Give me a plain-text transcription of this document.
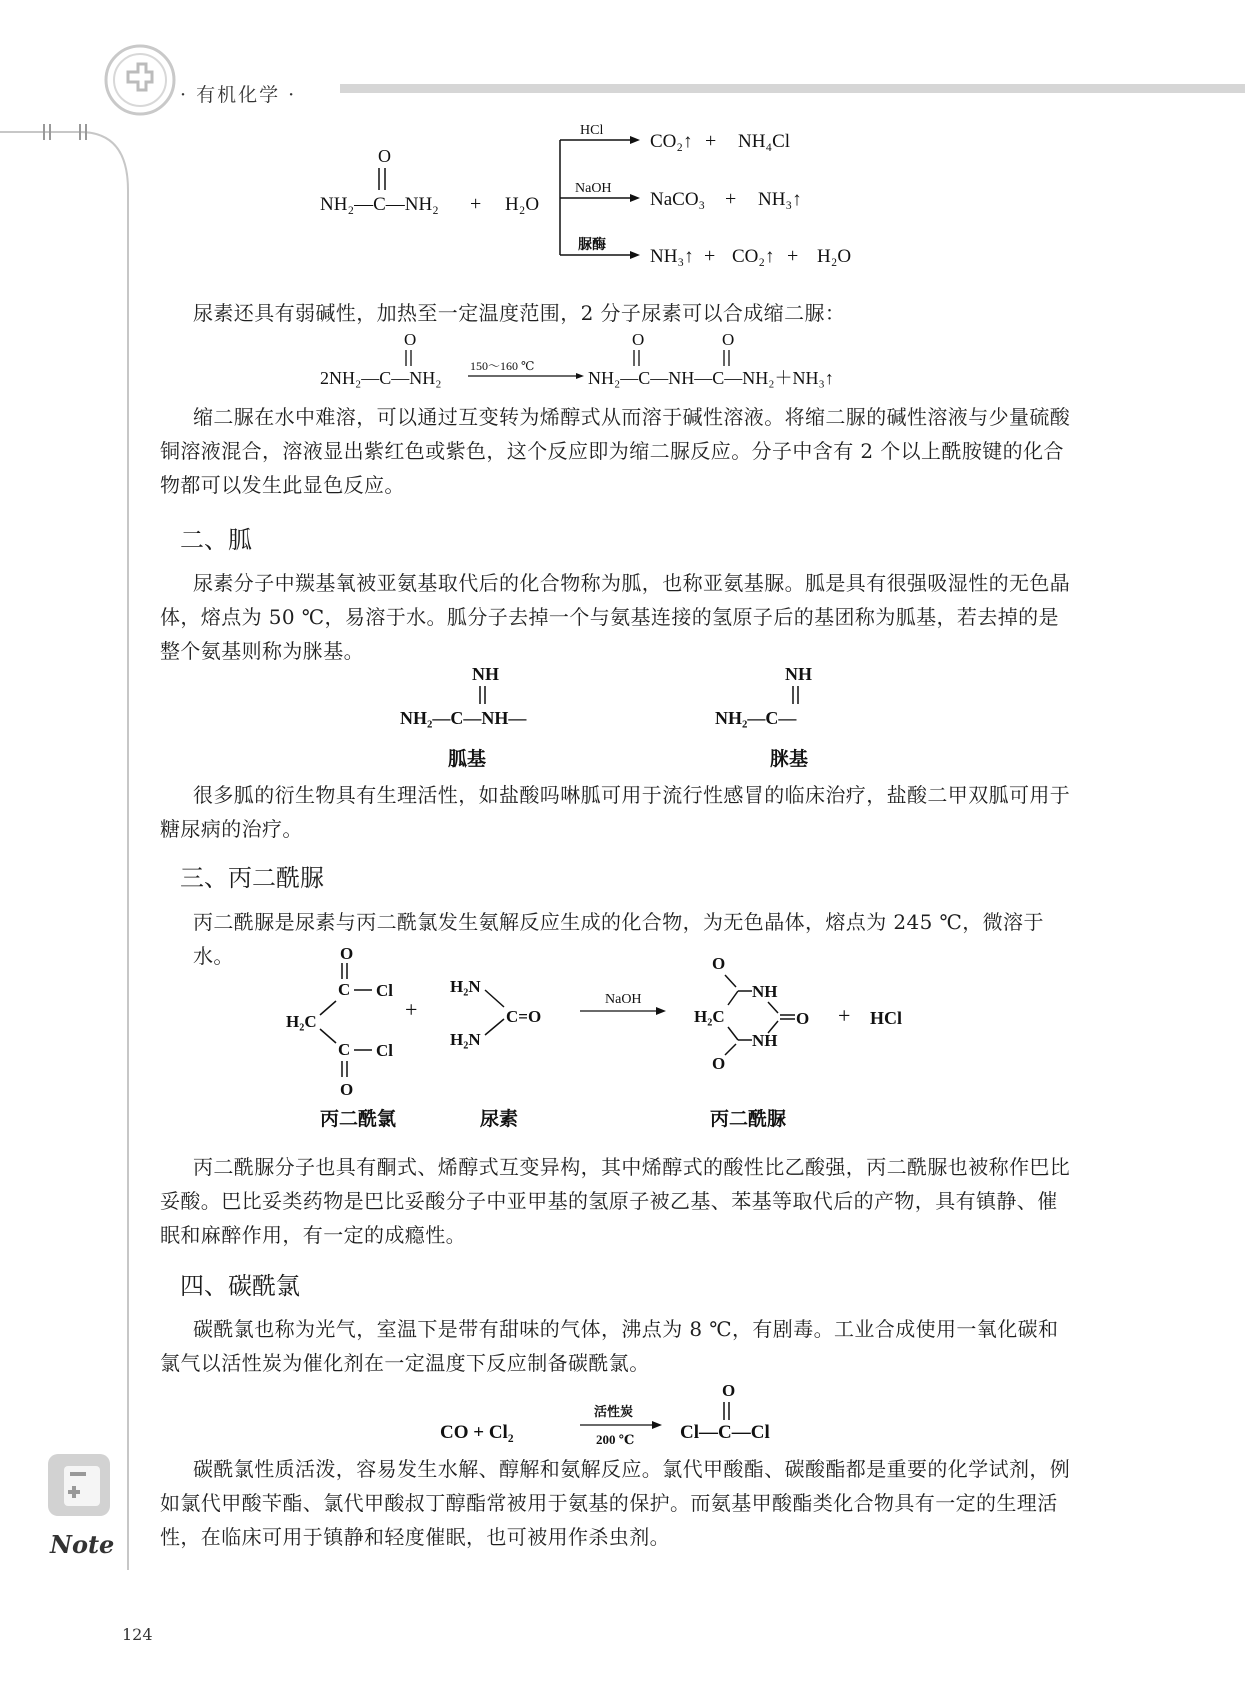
· 有机化学 ·
O
NH₂—C—NH₂ + H₂O
HCl
NaOH
脲酶
CO₂↑ + NH₄Cl
NaCO₃ + NH₃↑
NH₃↑ + CO₂↑ + H₂O

尿素还具有弱碱性，加热至一定温度范围，2 分子尿素可以合成缩二脲：

O
2NH₂—C—NH₂
150～160 ℃
NH₂—C—NH—C—NH₂＋NH₃↑
O	O

缩二脲在水中难溶，可以通过互变转为烯醇式从而溶于碱性溶液。将缩二脲的碱性溶液与少量硫酸铜溶液混合，溶液显出紫红色或紫色，这个反应即为缩二脲反应。分子中含有 2 个以上酰胺键的化合物都可以发生此显色反应。

二、胍

尿素分子中羰基氧被亚氨基取代后的化合物称为胍，也称亚氨基脲。胍是具有很强吸湿性的无色晶体，熔点为 50 ℃，易溶于水。胍分子去掉一个与氨基连接的氢原子后的基团称为胍基，若去掉的是整个氨基则称为脒基。

NH
NH₂—C—NH—
胍基
NH
NH₂—C—
脒基

很多胍的衍生物具有生理活性，如盐酸吗啉胍可用于流行性感冒的临床治疗，盐酸二甲双胍可用于糖尿病的治疗。

三、丙二酰脲

丙二酰脲是尿素与丙二酰氯发生氨解反应生成的化合物，为无色晶体，熔点为 245 ℃，微溶于水。	O
C Cl
H₂C
C Cl
O
丙二酰氯
+
H₂N
C=O
H₂N
尿素
NaOH
O
H₂C
NH
O
NH
O
+ HCl
丙二酰脲

丙二酰脲分子也具有酮式、烯醇式互变异构，其中烯醇式的酸性比乙酸强，丙二酰脲也被称作巴比妥酸。巴比妥类药物是巴比妥酸分子中亚甲基的氢原子被乙基、苯基等取代后的产物，具有镇静、催眠和麻醉作用，有一定的成瘾性。

四、碳酰氯

碳酰氯也称为光气，室温下是带有甜味的气体，沸点为 8 ℃，有剧毒。工业合成使用一氧化碳和氯气以活性炭为催化剂在一定温度下反应制备碳酰氯。

CO + Cl₂
活性炭
200 ℃
O
Cl—C—Cl

碳酰氯性质活泼，容易发生水解、醇解和氨解反应。氯代甲酸酯、碳酸酯都是重要的化学试剂，例如氯代甲酸苄酯、氯代甲酸叔丁醇酯常被用于氨基的保护。而氨基甲酸酯类化合物具有一定的生理活性，在临床可用于镇静和轻度催眠，也可被用作杀虫剂。

Note
124
